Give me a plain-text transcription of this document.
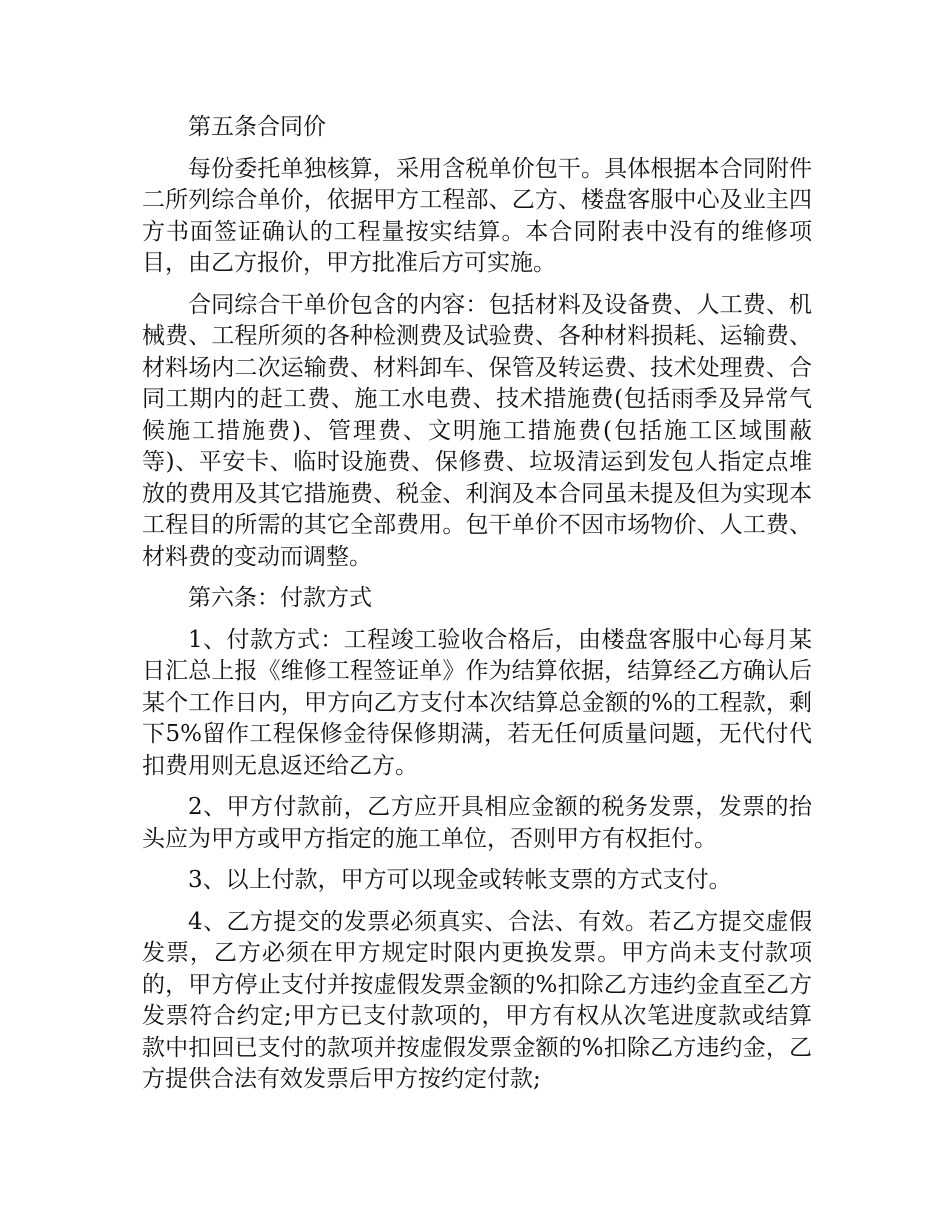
第五条合同价

每份委托单独核算，采用含税单价包干。具体根据本合同附件二所列综合单价，依据甲方工程部、乙方、楼盘客服中心及业主四方书面签证确认的工程量按实结算。本合同附表中没有的维修项目，由乙方报价，甲方批准后方可实施。

合同综合干单价包含的内容：包括材料及设备费、人工费、机械费、工程所须的各种检测费及试验费、各种材料损耗、运输费、材料场内二次运输费、材料卸车、保管及转运费、技术处理费、合同工期内的赶工费、施工水电费、技术措施费(包括雨季及异常气候施工措施费)、管理费、文明施工措施费(包括施工区域围蔽等)、平安卡、临时设施费、保修费、垃圾清运到发包人指定点堆放的费用及其它措施费、税金、利润及本合同虽未提及但为实现本工程目的所需的其它全部费用。包干单价不因市场物价、人工费、材料费的变动而调整。

第六条：付款方式

1、付款方式：工程竣工验收合格后，由楼盘客服中心每月某日汇总上报《维修工程签证单》作为结算依据，结算经乙方确认后某个工作日内，甲方向乙方支付本次结算总金额的%的工程款，剩下5%留作工程保修金待保修期满，若无任何质量问题，无代付代扣费用则无息返还给乙方。

2、甲方付款前，乙方应开具相应金额的税务发票，发票的抬头应为甲方或甲方指定的施工单位，否则甲方有权拒付。

3、以上付款，甲方可以现金或转帐支票的方式支付。

4、乙方提交的发票必须真实、合法、有效。若乙方提交虚假发票，乙方必须在甲方规定时限内更换发票。甲方尚未支付款项的，甲方停止支付并按虚假发票金额的%扣除乙方违约金直至乙方发票符合约定;甲方已支付款项的，甲方有权从次笔进度款或结算款中扣回已支付的款项并按虚假发票金额的%扣除乙方违约金，乙方提供合法有效发票后甲方按约定付款;
